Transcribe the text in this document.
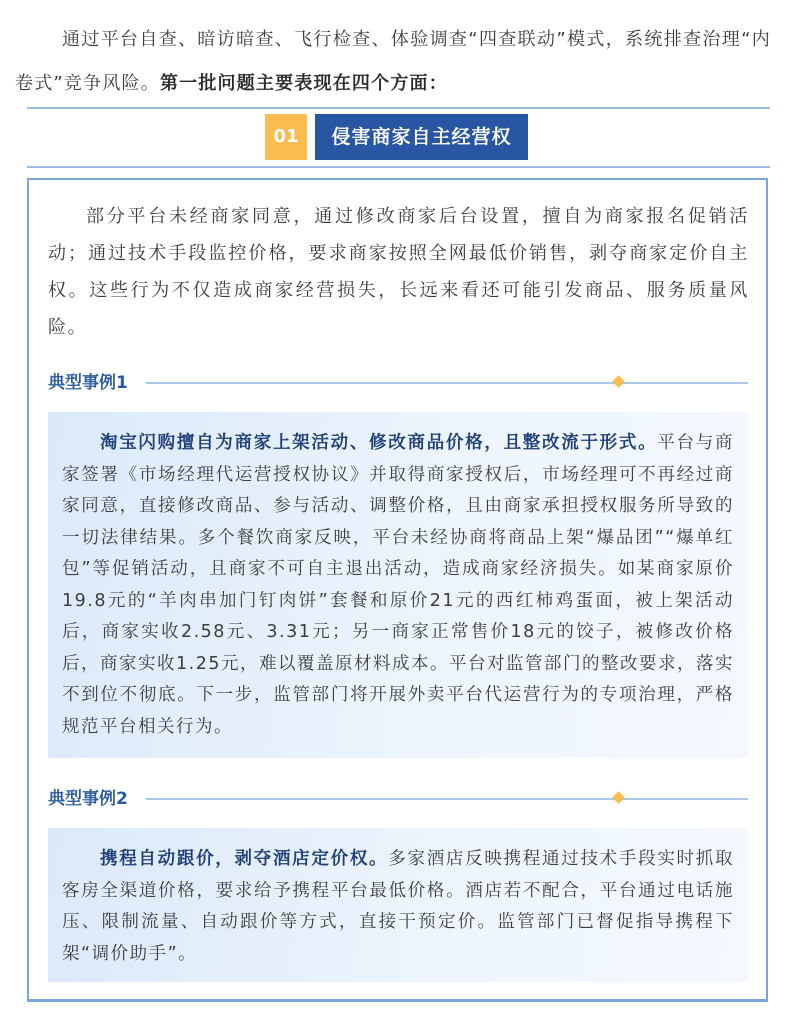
通过平台自查、暗访暗查、飞行检查、体验调查“四查联动”模式，系统排查治理“内卷式”竞争风险。第一批问题主要表现在四个方面：

01	侵害商家自主经营权

部分平台未经商家同意，通过修改商家后台设置，擅自为商家报名促销活动；通过技术手段监控价格，要求商家按照全网最低价销售，剥夺商家定价自主权。这些行为不仅造成商家经营损失，长远来看还可能引发商品、服务质量风险。

典型事例1

淘宝闪购擅自为商家上架活动、修改商品价格，且整改流于形式。平台与商家签署《市场经理代运营授权协议》并取得商家授权后，市场经理可不再经过商家同意，直接修改商品、参与活动、调整价格，且由商家承担授权服务所导致的一切法律结果。多个餐饮商家反映，平台未经协商将商品上架“爆品团”“爆单红包”等促销活动，且商家不可自主退出活动，造成商家经济损失。如某商家原价19.8元的“羊肉串加门钉肉饼”套餐和原价21元的西红柿鸡蛋面，被上架活动后，商家实收2.58元、3.31元；另一商家正常售价18元的饺子，被修改价格后，商家实收1.25元，难以覆盖原材料成本。平台对监管部门的整改要求，落实不到位不彻底。下一步，监管部门将开展外卖平台代运营行为的专项治理，严格规范平台相关行为。

典型事例2

携程自动跟价，剥夺酒店定价权。多家酒店反映携程通过技术手段实时抓取客房全渠道价格，要求给予携程平台最低价格。酒店若不配合，平台通过电话施压、限制流量、自动跟价等方式，直接干预定价。监管部门已督促指导携程下架“调价助手”。
